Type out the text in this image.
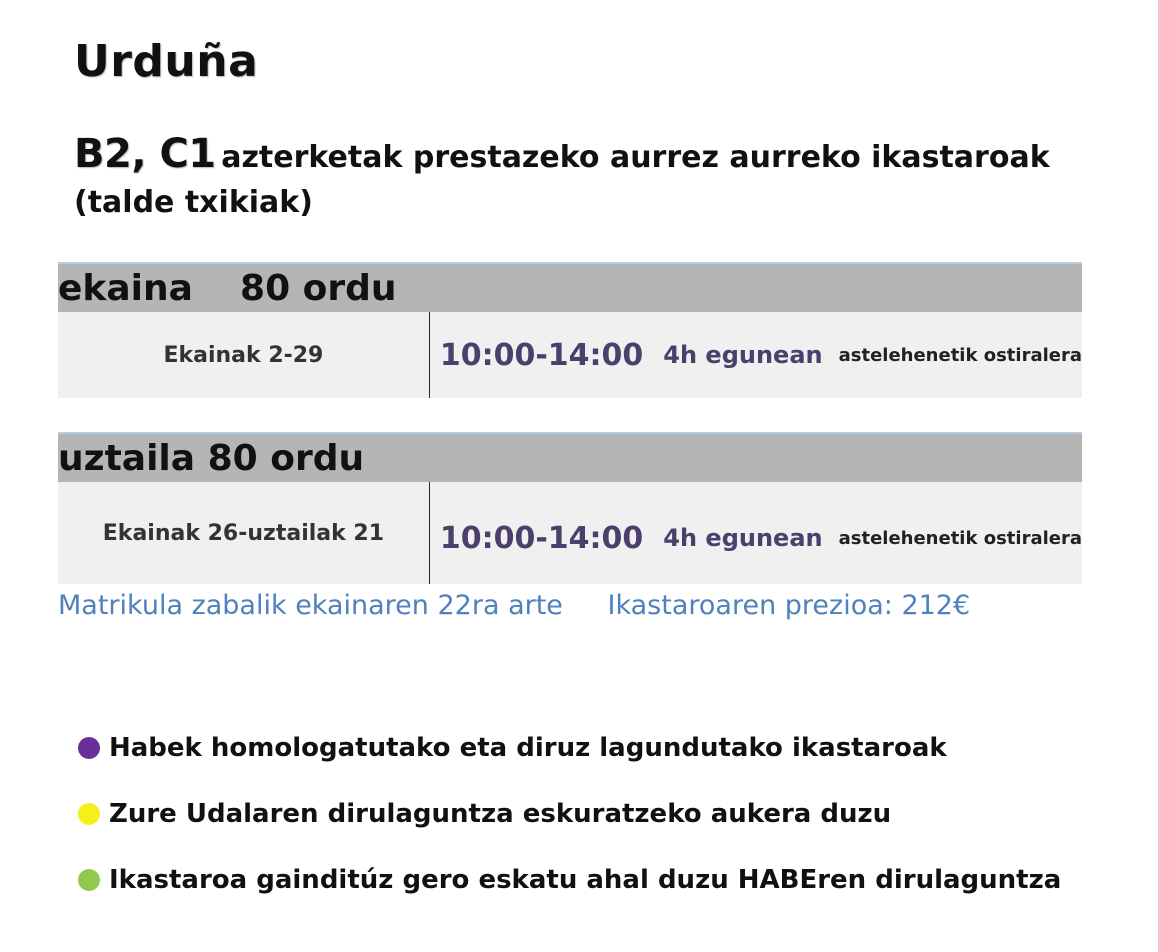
Urduña
B2, C1 azterketak prestazeko aurrez aurreko ikastaroak
(talde txikiak)
ekaina 80 ordu
Ekainak 2-29	10:00-14:00 4h egunean astelehenetik ostiralera
uztaila 80 ordu
Ekainak 26-uztailak 21	10:00-14:00 4h egunean astelehenetik ostiralera
Matrikula zabalik ekainaren 22ra arte Ikastaroaren prezioa: 212€
Habek homologatutako eta diruz lagundutako ikastaroak
Zure Udalaren dirulaguntza eskuratzeko aukera duzu
Ikastaroa gainditúz gero eskatu ahal duzu HABEren dirulaguntza
